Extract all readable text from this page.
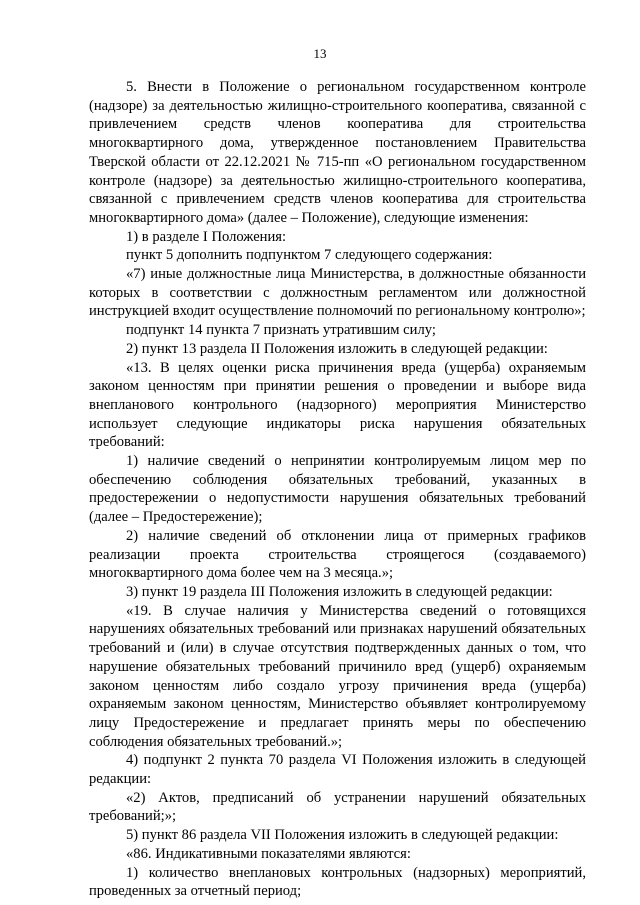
13

5. Внести в Положение о региональном государственном контроле (надзоре) за деятельностью жилищно-строительного кооператива, связанной с привлечением средств членов кооператива для строительства многоквартирного дома, утвержденное постановлением Правительства Тверской области от 22.12.2021 № 715-пп «О региональном государственном контроле (надзоре) за деятельностью жилищно-строительного кооператива, связанной с привлечением средств членов кооператива для строительства многоквартирного дома» (далее – Положение), следующие изменения:

1) в разделе I Положения:

пункт 5 дополнить подпунктом 7 следующего содержания:

«7) иные должностные лица Министерства, в должностные обязанности которых в соответствии с должностным регламентом или должностной инструкцией входит осуществление полномочий по региональному контролю»;

подпункт 14 пункта 7 признать утратившим силу;

2) пункт 13 раздела II Положения изложить в следующей редакции:

«13. В целях оценки риска причинения вреда (ущерба) охраняемым законом ценностям при принятии решения о проведении и выборе вида внепланового контрольного (надзорного) мероприятия Министерство использует следующие индикаторы риска нарушения обязательных требований:

1) наличие сведений о непринятии контролируемым лицом мер по обеспечению соблюдения обязательных требований, указанных в предостережении о недопустимости нарушения обязательных требований (далее – Предостережение);

2) наличие сведений об отклонении лица от примерных графиков реализации проекта строительства строящегося (создаваемого) многоквартирного дома более чем на 3 месяца.»;

3) пункт 19 раздела III Положения изложить в следующей редакции:

«19. В случае наличия у Министерства сведений о готовящихся нарушениях обязательных требований или признаках нарушений обязательных требований и (или) в случае отсутствия подтвержденных данных о том, что нарушение обязательных требований причинило вред (ущерб) охраняемым законом ценностям либо создало угрозу причинения вреда (ущерба) охраняемым законом ценностям, Министерство объявляет контролируемому лицу Предостережение и предлагает принять меры по обеспечению соблюдения обязательных требований.»;

4) подпункт 2 пункта 70 раздела VI Положения изложить в следующей редакции:

«2) Актов, предписаний об устранении нарушений обязательных требований;»;

5) пункт 86 раздела VII Положения изложить в следующей редакции:

«86. Индикативными показателями являются:

1) количество внеплановых контрольных (надзорных) мероприятий, проведенных за отчетный период;
